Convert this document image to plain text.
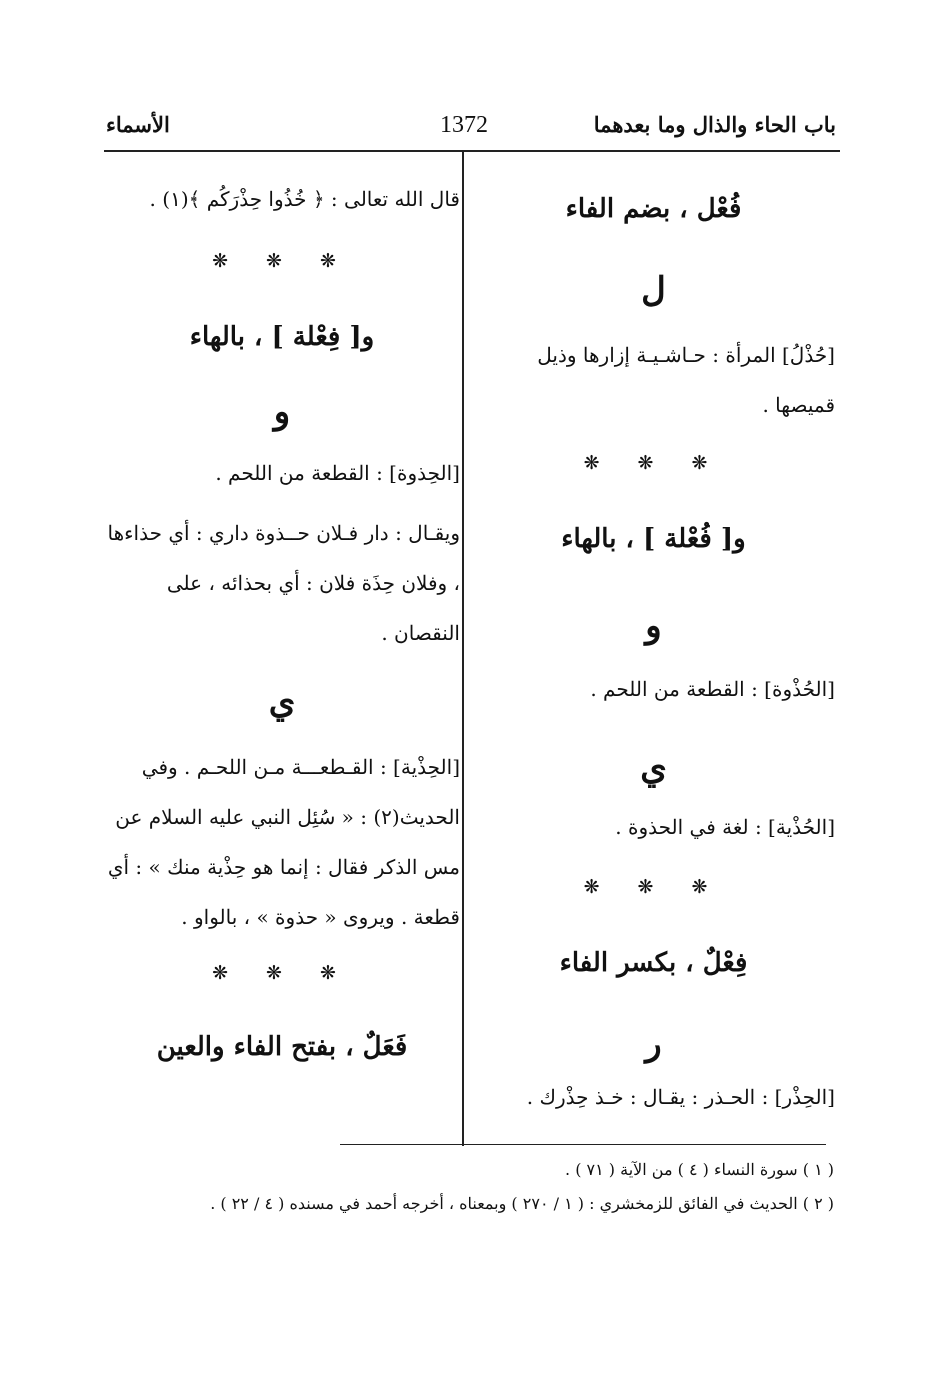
باب الحاء والذال وما بعدهما
1372
الأسماء
فُعْل ، بضم الفاء
ل
[حُذْلُ] المرأة : حـاشـيـة إزارها وذيل قميصها .
❋ ❋ ❋
و[ فُعْلة ] ، بالهاء
و
[الحُذْوة] : القطعة من اللحم .
ي
[الحُذْية] : لغة في الحذوة .
❋ ❋ ❋
فِعْلٌ ، بكسر الفاء
ر
[الحِذْر] : الحـذر : يقـال : خـذ حِذْرك .
قال الله تعالى : ﴿ خُذُوا حِذْرَكُم ﴾(١) .
❋ ❋ ❋
و[ فِعْلة ] ، بالهاء
و
[الحِذوة] : القطعة من اللحم .
ويقـال : دار فـلان حــذوة داري : أي حذاءها ، وفلان حِذَة فلان : أي بحذائه ، على النقصان .
ي
[الحِذْية] : القـطعـــة مـن اللحـم . وفي الحديث(٢) : « سُئِل النبي عليه السلام عن مس الذكر فقال : إنما هو حِذْية منك » : أي قطعة . ويروى « حذوة » ، بالواو .
❋ ❋ ❋
فَعَلٌ ، بفتح الفاء والعين
( ١ ) سورة النساء ( ٤ ) من الآية ( ٧١ ) .
( ٢ ) الحديث في الفائق للزمخشري : ( ١ / ٢٧٠ ) وبمعناه ، أخرجه أحمد في مسنده ( ٤ / ٢٢ ) .
